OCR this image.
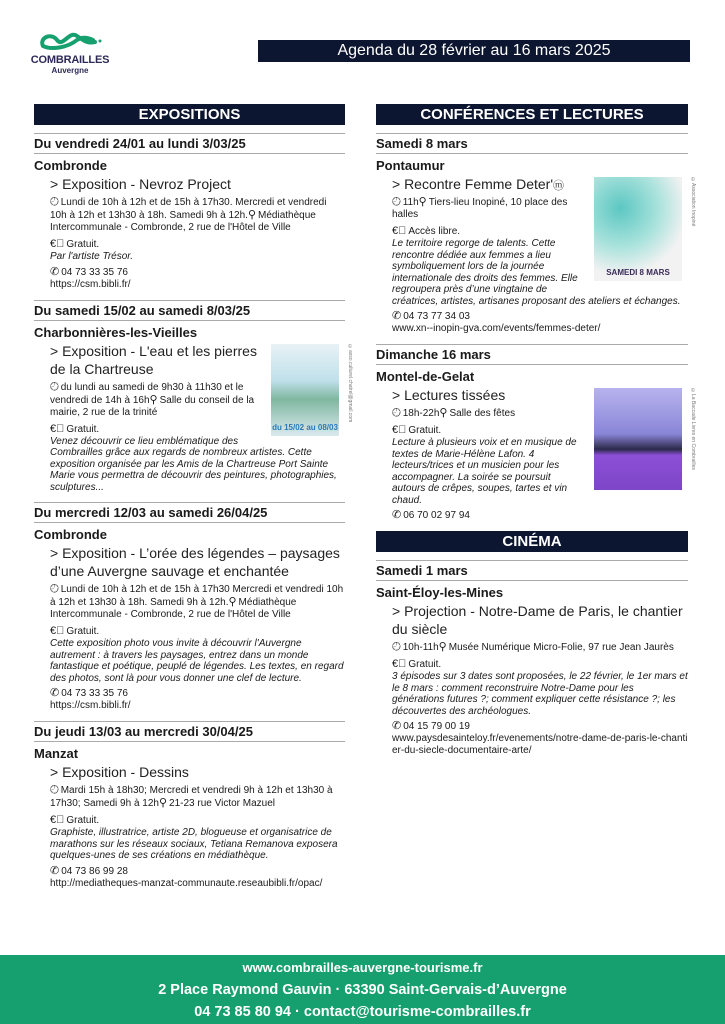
COMBRAILLES
Auvergne
Agenda du 28 février au 16 mars 2025
EXPOSITIONS
Du vendredi 24/01 au lundi 3/03/25
Combronde
> Exposition - Nevroz Project
🕘︎ Lundi de 10h à 12h et de 15h à 17h30. Mercredi et vendredi 10h à 12h et 13h30 à 18h. Samedi 9h à 12h.⚲ Médiathèque Intercommunale - Combronde, 2 rue de l'Hôtel de Ville
€⃝ Gratuit.
Par l'artiste Trésor.
✆ 04 73 33 35 76
https://csm.bibli.fr/
Du samedi 15/02 au samedi 8/03/25
Charbonnières-les-Vieilles
du 15/02 au 08/03
©asso.culturel.chatrel@gmail.com
> Exposition - L'eau et les pierres de la Chartreuse
🕘︎ du lundi au samedi de 9h30 à 11h30 et le vendredi de 14h à 16h⚲ Salle du conseil de la mairie, 2 rue de la trinité
€⃝ Gratuit.
Venez découvrir ce lieu emblématique des Combrailles grâce aux regards de nombreux artistes. Cette exposition organisée par les Amis de la Chartreuse Port Sainte Marie vous permettra de découvrir des peintures, photographies, sculptures...
Du mercredi 12/03 au samedi 26/04/25
Combronde
> Exposition - L’orée des légendes – paysages d’une Auvergne sauvage et enchantée
🕘︎ Lundi de 10h à 12h et de 15h à 17h30 Mercredi et vendredi 10h à 12h et 13h30 à 18h. Samedi 9h à 12h.⚲ Médiathèque Intercommunale - Combronde, 2 rue de l'Hôtel de Ville
€⃝ Gratuit.
Cette exposition photo vous invite à découvrir l'Auvergne autrement : à travers les paysages, entrez dans un monde fantastique et poétique, peuplé de légendes. Les textes, en regard des photos, sont là pour vous donner une clef de lecture.
✆ 04 73 33 35 76
https://csm.bibli.fr/
Du jeudi 13/03 au mercredi 30/04/25
Manzat
> Exposition - Dessins
🕘︎ Mardi 15h à 18h30; Mercredi et vendredi 9h à 12h et 13h30 à 17h30; Samedi 9h à 12h⚲ 21-23 rue Victor Mazuel
€⃝ Gratuit.
Graphiste, illustratrice, artiste 2D, blogueuse et organisatrice de marathons sur les réseaux sociaux, Tetiana Remanova exposera quelques-unes de ses créations en médiathèque.
✆ 04 73 86 99 28
http://mediatheques-manzat-communaute.reseaubibli.fr/opac/
CONFÉRENCES ET LECTURES
Samedi 8 mars
Pontaumur
SAMEDI 8 MARS
©Association Inopiné
> Recontre Femme Deter'ⓜ
🕘︎ 11h⚲ Tiers-lieu Inopiné, 10 place des halles
€⃝ Accès libre.
Le territoire regorge de talents. Cette rencontre dédiée aux femmes a lieu symboliquement lors de la journée internationale des droits des femmes. Elle regroupera près d’une vingtaine de créatrices, artistes, artisanes proposant des ateliers et échanges.
✆ 04 73 77 34 03
www.xn--inopin-gva.com/events/femmes-deter/
Dimanche 16 mars
Montel-de-Gelat
©La Baccade Livres en Combrailles
> Lectures tissées
🕘︎ 18h-22h⚲ Salle des fêtes
€⃝ Gratuit.
Lecture à plusieurs voix et en musique de textes de Marie-Hélène Lafon. 4 lecteurs/trices et un musicien pour les accompagner. La soirée se poursuit autours de crêpes, soupes, tartes et vin chaud.
✆ 06 70 02 97 94
CINÉMA
Samedi 1 mars
Saint-Éloy-les-Mines
> Projection - Notre-Dame de Paris, le chantier du siècle
🕘︎ 10h-11h⚲ Musée Numérique Micro-Folie, 97 rue Jean Jaurès
€⃝ Gratuit.
3 épisodes sur 3 dates sont proposées, le 22 février, le 1er mars et le 8 mars : comment reconstruire Notre-Dame pour les générations futures ?; comment expliquer cette résistance ?; les découvertes des archéologues.
✆ 04 15 79 00 19
www.paysdesainteloy.fr/evenements/notre-dame-de-paris-le-chantier-du-siecle-documentaire-arte/
www.combrailles-auvergne-tourisme.fr
2 Place Raymond Gauvin · 63390 Saint-Gervais-d’Auvergne
04 73 85 80 94 · contact@tourisme-combrailles.fr
